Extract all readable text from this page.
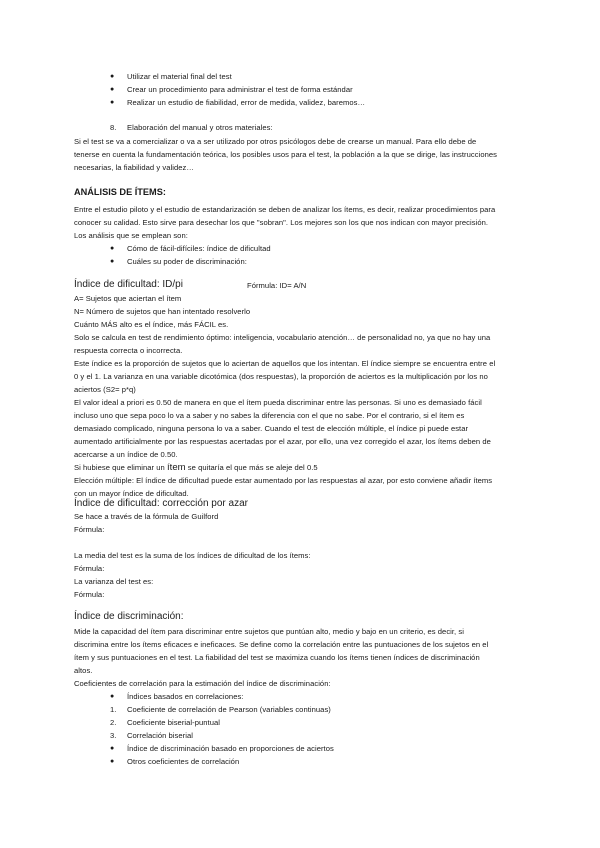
● Utilizar el material final del test
● Crear un procedimiento para administrar el test de forma estándar
● Realizar un estudio de fiabilidad, error de medida, validez, baremos…
8. Elaboración del manual y otros materiales:
Si el test se va a comercializar o va a ser utilizado por otros psicólogos debe de crearse un manual. Para ello debe de
tenerse en cuenta la fundamentación teórica, los posibles usos para el test, la población a la que se dirige, las instrucciones
necesarias, la fiabilidad y validez…
ANÁLISIS DE ÍTEMS:
Entre el estudio piloto y el estudio de estandarización se deben de analizar los ítems, es decir, realizar procedimientos para
conocer su calidad. Esto sirve para desechar los que "sobran". Los mejores son los que nos indican con mayor precisión.
Los análisis que se emplean son:
● Cómo de fácil-difíciles: índice de dificultad
● Cuáles su poder de discriminación:
Índice de dificultad: ID/pi	Fórmula: ID= A/N
A= Sujetos que aciertan el ítem
N= Número de sujetos que han intentado resolverlo
Cuánto MÁS alto es el índice, más FÁCIL es.
Solo se calcula en test de rendimiento óptimo: inteligencia, vocabulario atención… de personalidad no, ya que no hay una
respuesta correcta o incorrecta.
Este índice es la proporción de sujetos que lo aciertan de aquellos que los intentan. El índice siempre se encuentra entre el
0 y el 1. La varianza en una variable dicotómica (dos respuestas), la proporción de aciertos es la multiplicación por los no
aciertos (S2= p*q)
El valor ideal a priori es 0.50 de manera en que el ítem pueda discriminar entre las personas. Si uno es demasiado fácil
incluso uno que sepa poco lo va a saber y no sabes la diferencia con el que no sabe. Por el contrario, si el ítem es
demasiado complicado, ninguna persona lo va a saber. Cuando el test de elección múltiple, el índice pi puede estar
aumentado artificialmente por las respuestas acertadas por el azar, por ello, una vez corregido el azar, los ítems deben de
acercarse a un índice de 0.50.
Si hubiese que eliminar un ítem se quitaría el que más se aleje del 0.5
Elección múltiple: El índice de dificultad puede estar aumentado por las respuestas al azar, por esto conviene añadir ítems
con un mayor índice de dificultad.
Índice de dificultad: corrección por azar
Se hace a través de la fórmula de Guilford
Fórmula:
La media del test es la suma de los índices de dificultad de los ítems:
Fórmula:
La varianza del test es:
Fórmula:
Índice de discriminación:
Mide la capacidad del ítem para discriminar entre sujetos que puntúan alto, medio y bajo en un criterio, es decir, si
discrimina entre los ítems eficaces e ineficaces. Se define como la correlación entre las puntuaciones de los sujetos en el
ítem y sus puntuaciones en el test. La fiabilidad del test se maximiza cuando los ítems tienen índices de discriminación
altos.
Coeficientes de correlación para la estimación del índice de discriminación:
● Índices basados en correlaciones:
1. Coeficiente de correlación de Pearson (variables continuas)
2. Coeficiente biserial-puntual
3. Correlación biserial
● Índice de discriminación basado en proporciones de aciertos
● Otros coeficientes de correlación
